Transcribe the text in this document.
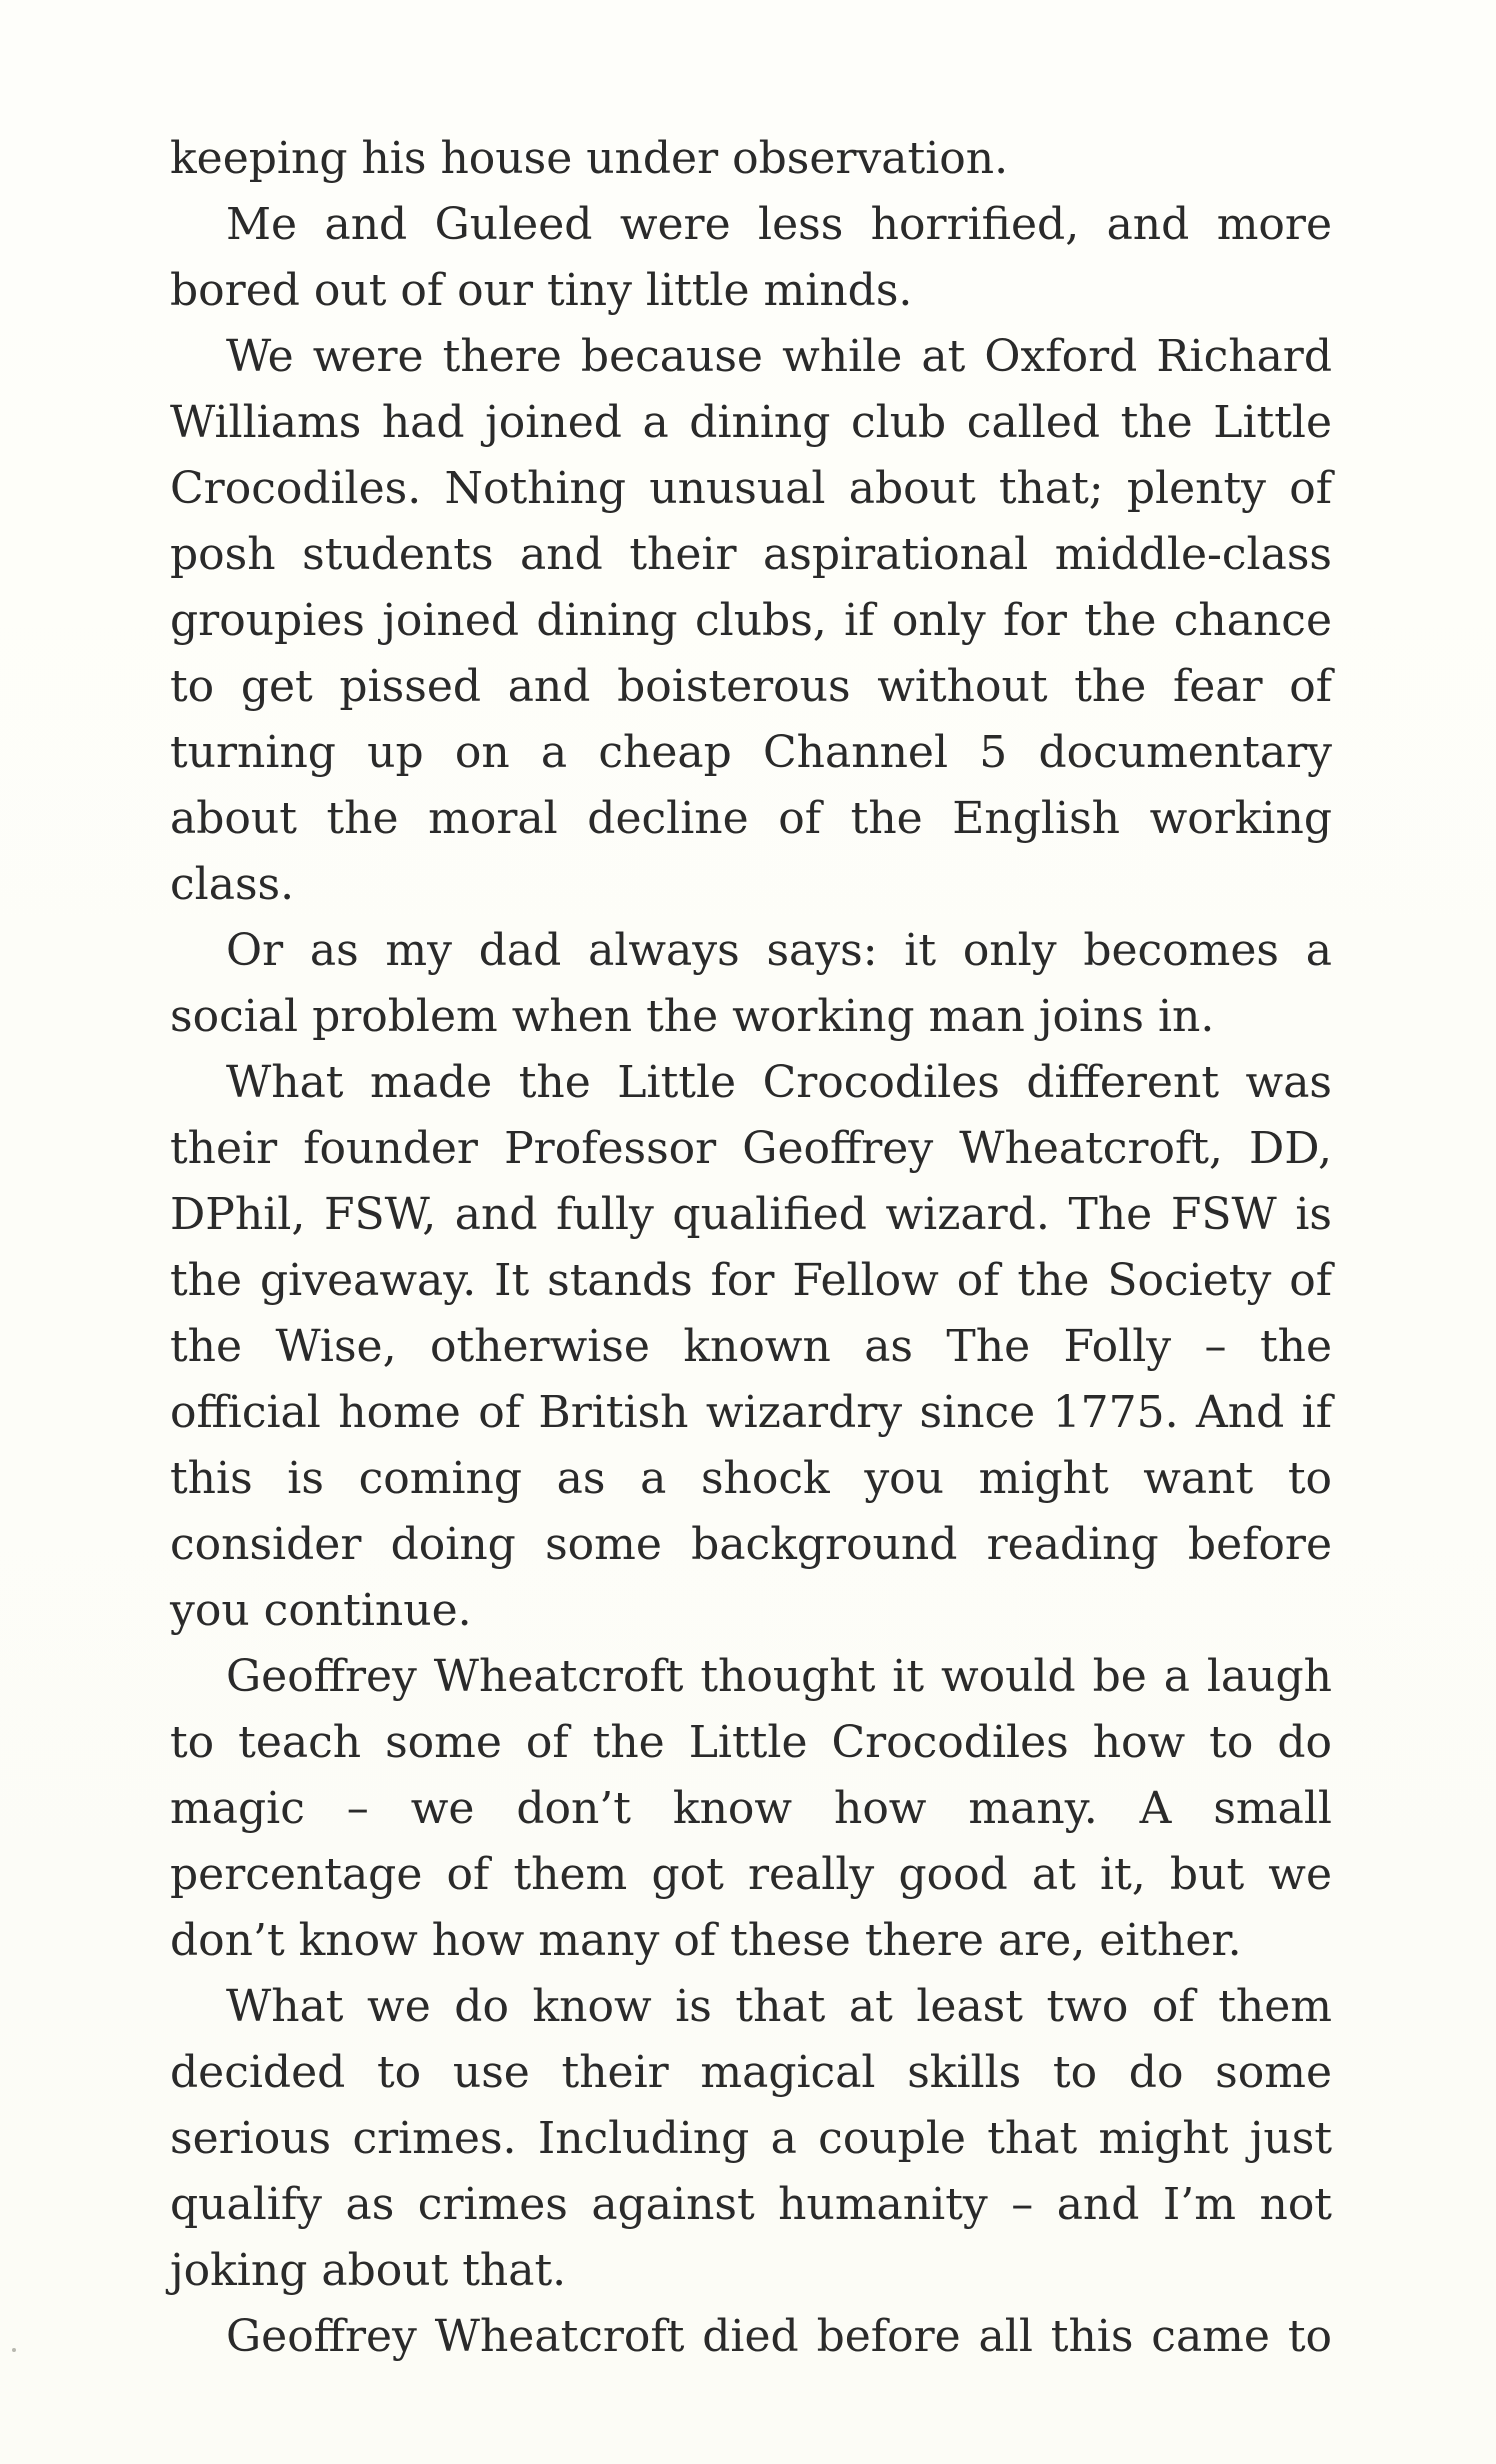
keeping his house under observation.

Me and Guleed were less horrified, and more bored out of our tiny little minds.

We were there because while at Oxford Richard Williams had joined a dining club called the Little Crocodiles. Nothing unusual about that; plenty of posh students and their aspirational middle-class groupies joined dining clubs, if only for the chance to get pissed and boisterous without the fear of turning up on a cheap Channel 5 documentary about the moral decline of the English working class.

Or as my dad always says: it only becomes a social problem when the working man joins in.

What made the Little Crocodiles different was their founder Professor Geoffrey Wheatcroft, DD, DPhil, FSW, and fully qualified wizard. The FSW is the giveaway. It stands for Fellow of the Society of the Wise, otherwise known as The Folly – the official home of British wizardry since 1775. And if this is coming as a shock you might want to consider doing some background reading before you continue.

Geoffrey Wheatcroft thought it would be a laugh to teach some of the Little Crocodiles how to do magic – we don’t know how many. A small percentage of them got really good at it, but we don’t know how many of these there are, either.

What we do know is that at least two of them decided to use their magical skills to do some serious crimes. Including a couple that might just qualify as crimes against humanity – and I’m not joking about that.

Geoffrey Wheatcroft died before all this came to
